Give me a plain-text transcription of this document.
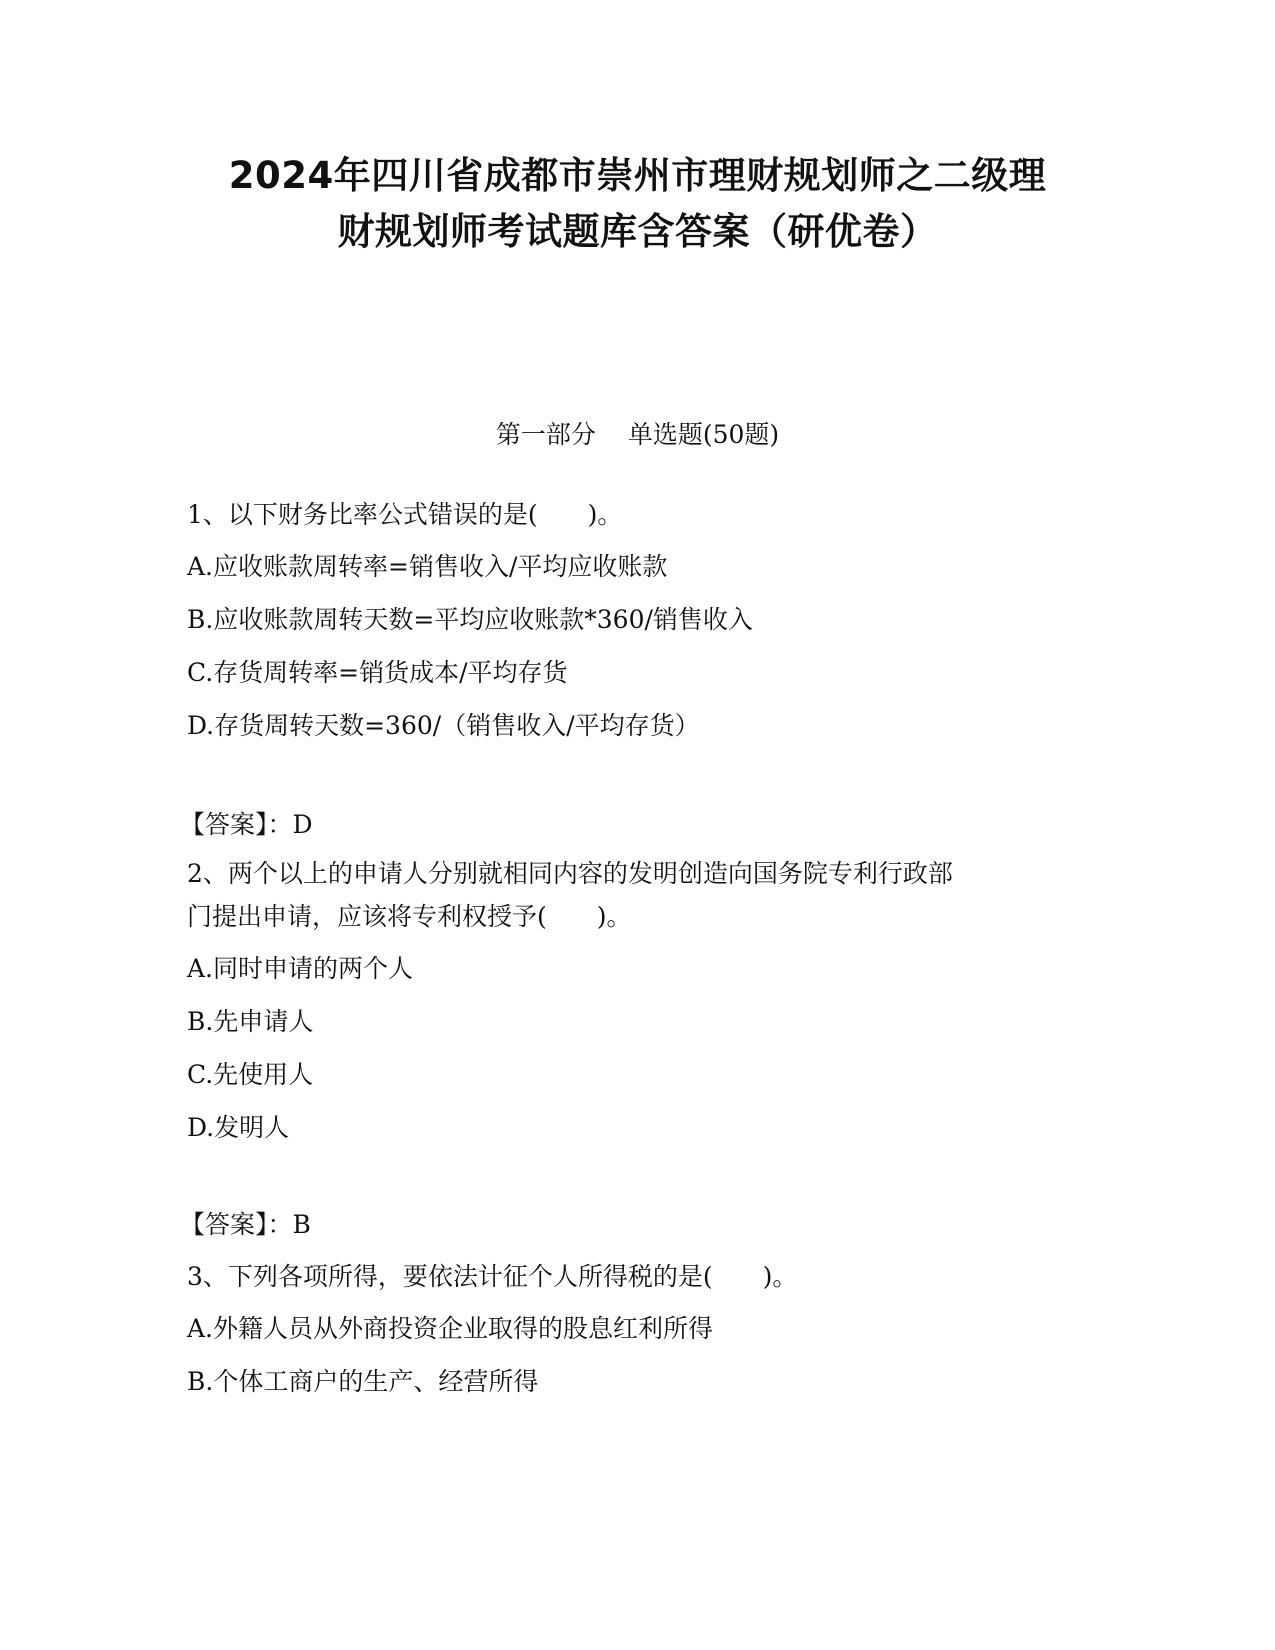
2024年四川省成都市崇州市理财规划师之二级理
财规划师考试题库含答案（研优卷）
第一部分 单选题(50题)
1、以下财务比率公式错误的是(　　)。
A.应收账款周转率=销售收入/平均应收账款
B.应收账款周转天数=平均应收账款*360/销售收入
C.存货周转率=销货成本/平均存货
D.存货周转天数=360/（销售收入/平均存货）
【答案】：D
2、两个以上的申请人分别就相同内容的发明创造向国务院专利行政部
门提出申请，应该将专利权授予(　　)。
A.同时申请的两个人
B.先申请人
C.先使用人
D.发明人
【答案】：B
3、下列各项所得，要依法计征个人所得税的是(　　)。
A.外籍人员从外商投资企业取得的股息红利所得
B.个体工商户的生产、经营所得
